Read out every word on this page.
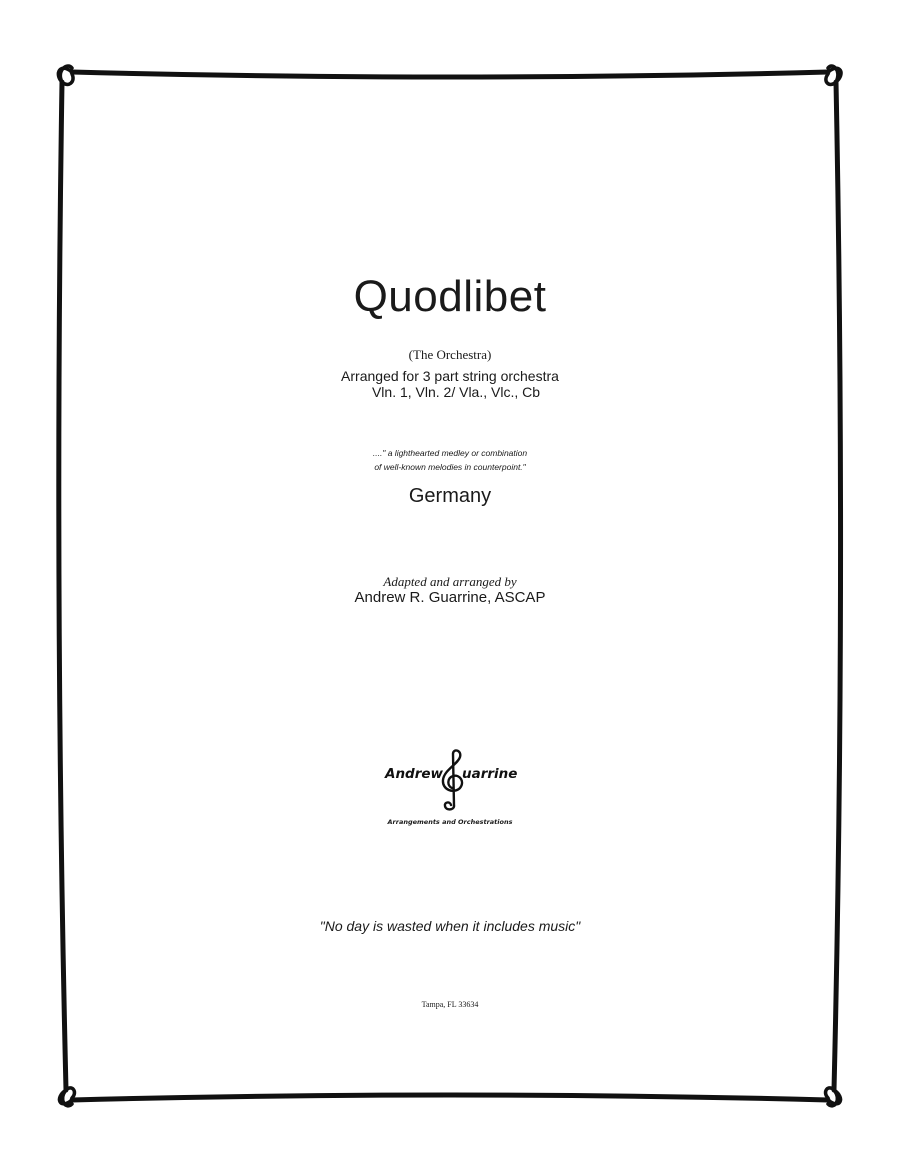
Quodlibet
(The Orchestra)
Arranged for 3 part string orchestra
Vln. 1, Vln. 2/ Vla., Vlc., Cb
...." a lighthearted medley or combination
of well-known melodies in counterpoint."
Germany
Adapted and arranged by
Andrew R. Guarrine, ASCAP
Andrew uarrine
Arrangements and Orchestrations
"No day is wasted when it includes music"
Tampa, FL 33634
